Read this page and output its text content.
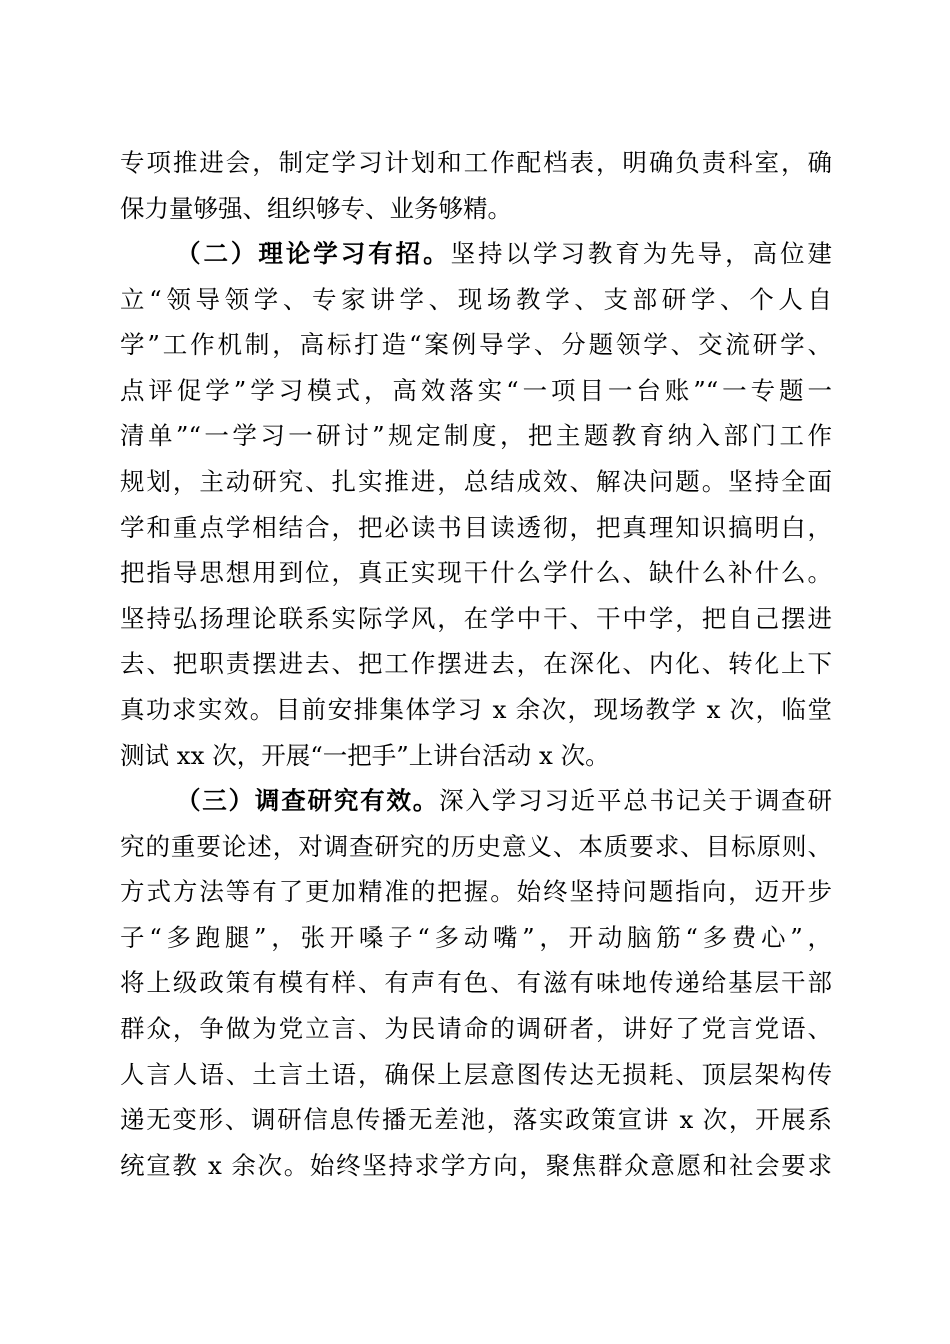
专项推进会，制定学习计划和工作配档表，明确负责科室，确
保力量够强、组织够专、业务够精。
（二）理论学习有招。坚持以学习教育为先导，高位建
立“领导领学、专家讲学、现场教学、支部研学、个人自
学”工作机制，高标打造“案例导学、分题领学、交流研学、
点评促学”学习模式，高效落实“一项目一台账”“一专题一
清单”“一学习一研讨”规定制度，把主题教育纳入部门工作
规划，主动研究、扎实推进，总结成效、解决问题。坚持全面
学和重点学相结合，把必读书目读透彻，把真理知识搞明白，
把指导思想用到位，真正实现干什么学什么、缺什么补什么。
坚持弘扬理论联系实际学风，在学中干、干中学，把自己摆进
去、把职责摆进去、把工作摆进去，在深化、内化、转化上下
真功求实效。目前安排集体学习 x 余次，现场教学 x 次，临堂
测试 xx 次，开展“一把手”上讲台活动 x 次。
（三）调查研究有效。深入学习习近平总书记关于调查研
究的重要论述，对调查研究的历史意义、本质要求、目标原则、
方式方法等有了更加精准的把握。始终坚持问题指向，迈开步
子“多跑腿”，张开嗓子“多动嘴”，开动脑筋“多费心”，
将上级政策有模有样、有声有色、有滋有味地传递给基层干部
群众，争做为党立言、为民请命的调研者，讲好了党言党语、
人言人语、土言土语，确保上层意图传达无损耗、顶层架构传
递无变形、调研信息传播无差池，落实政策宣讲 x 次，开展系
统宣教 x 余次。始终坚持求学方向，聚焦群众意愿和社会要求
